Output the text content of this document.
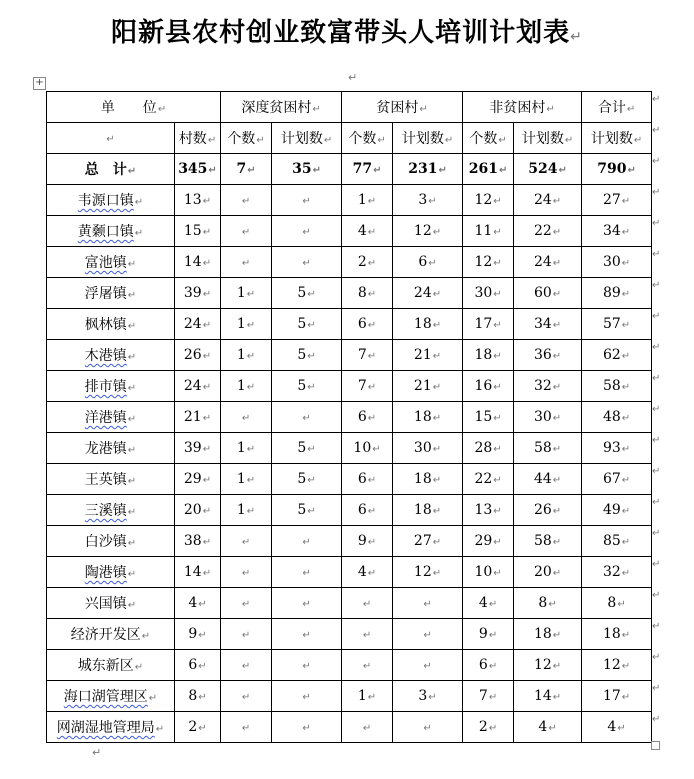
阳新县农村创业致富带头人培训计划表↵
+	↵
单　　位↵		深度贫困村↵		贫困村↵		非贫困村↵		合计↵
↵	村数↵	个数↵	计划数↵	个数↵	计划数↵	个数↵	计划数↵	计划数↵
总　计↵	345↵	7↵	35↵	77↵	231↵	261↵	524↵	790↵
韦源口镇↵	13↵	↵	↵	1↵	3↵	12↵	24↵	27↵
黄颡口镇↵	15↵	↵	↵	4↵	12↵	11↵	22↵	34↵
富池镇↵	14↵	↵	↵	2↵	6↵	12↵	24↵	30↵
浮屠镇↵	39↵	1↵	5↵	8↵	24↵	30↵	60↵	89↵
枫林镇↵	24↵	1↵	5↵	6↵	18↵	17↵	34↵	57↵
木港镇↵	26↵	1↵	5↵	7↵	21↵	18↵	36↵	62↵
排市镇↵	24↵	1↵	5↵	7↵	21↵	16↵	32↵	58↵
洋港镇↵	21↵	↵	↵	6↵	18↵	15↵	30↵	48↵
龙港镇↵	39↵	1↵	5↵	10↵	30↵	28↵	58↵	93↵
王英镇↵	29↵	1↵	5↵	6↵	18↵	22↵	44↵	67↵
三溪镇↵	20↵	1↵	5↵	6↵	18↵	13↵	26↵	49↵
白沙镇↵	38↵	↵	↵	9↵	27↵	29↵	58↵	85↵
陶港镇↵	14↵	↵	↵	4↵	12↵	10↵	20↵	32↵
兴国镇↵	4↵	↵	↵	↵	↵	4↵	8↵	8↵
经济开发区↵	9↵	↵	↵	↵	↵	9↵	18↵	18↵
城东新区↵	6↵	↵	↵	↵	↵	6↵	12↵	12↵
海口湖管理区↵	8↵	↵	↵	1↵	3↵	7↵	14↵	17↵
网湖湿地管理局↵	2↵	↵	↵	↵	↵	2↵	4↵	4↵
↵
↵
↵
↵
↵
↵
↵
↵
↵
↵
↵
↵
↵
↵
↵
↵
↵
↵
↵
↵
↵
↵
